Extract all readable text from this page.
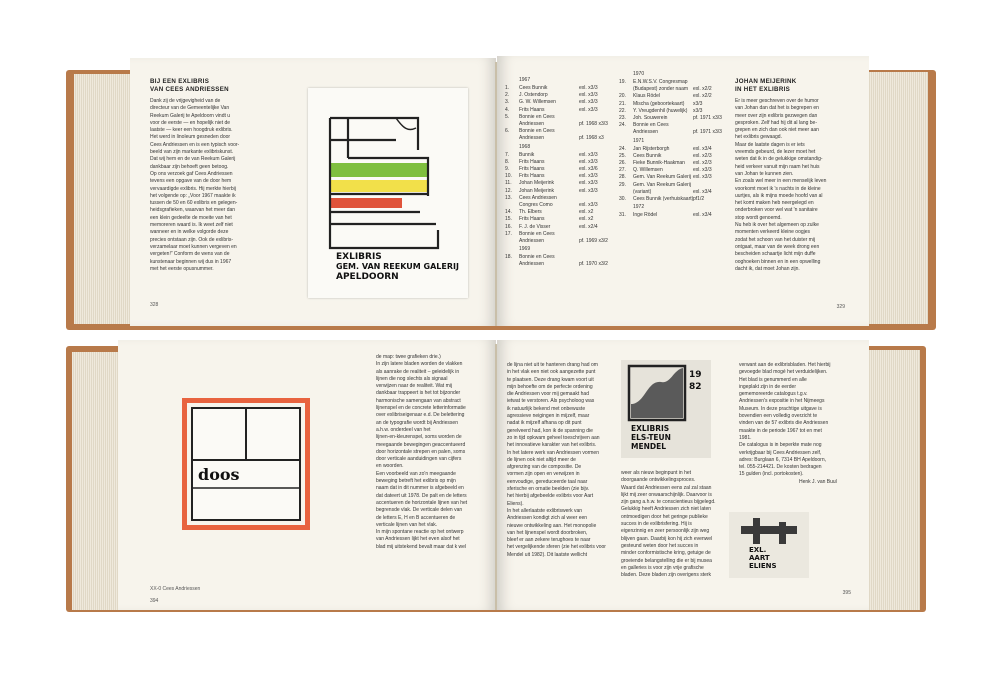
BIJ EEN EXLIBRIS
VAN CEES ANDRIESSEN
Dank zij de vrijgevigheid van de
directeur van de Gemeentelijke Van
Reekum Galerij te Apeldoorn vindt u
voor de eerste — en hopelijk niet de
laatste — keer een hoogdruk exlibris.
Het werd in linoleum gesneden door
Cees Andriessen en is een typisch voor-
beeld van zijn markante exlibriskunst.
Dat wij hem en de van Reekum Galerij
dankbaar zijn behoeft geen betoog.
Op ons verzoek gaf Cees Andriessen
tevens een opgave van de door hem
vervaardigde exlibris. Hij merkte hierbij
het volgende op: „Voor 1967 maakte ik
tussen de 50 en 60 exlibris en gelegen-
heidsgrafieken, waarvan het meer dan
een klein gedeelte de moeite van het
memoreren waard is. Ik weet zelf niet
wanneer en in welke volgorde deze
precies ontstaan zijn. Ook de exlibris-
verzamelaar moet kunnen vergeven en
vergeten!” Conform de wens van de
kunstenaar beginnen wij dus in 1967
met het eerste opusnummer.
EXLIBRIS
GEM. VAN REEKUM GALERIJ
APELDOORN
328
1967
1.	Cees Bunnik	exl. x3/3
2.	J. Ostendorp	exl. x3/3
3.	G. W. Willemsen	exl. x3/3
4.	Frits Haans	exl. x3/3
5.	Bonnie en Cees
Andriessen	pf. 1968 x3/3
6.	Bonnie en Cees
Andriessen	pf. 1968 x3
1968
7.	Bunnik	exl. x3/3
8.	Frits Haans	exl. x3/3
9.	Frits Haans	exl. x3/6
10.	Frits Haans	exl. x3/3
11.	Johan Meijerink	exl. x3/3
12.	Johan Meijerink	exl. x3/3
13.	Cees Andriessen
Congres Como	exl. x3/3
14.	Th. Elbers	exl. x2
15.	Frits Haans	exl. x2
16.	F. J. de Visser	exl. x2/4
17.	Bonnie en Cees
Andriessen	pf. 1969 x3/2
1969
18.	Bonnie en Cees
Andriessen	pf. 1970 x3/2
1970
19.	E.N.W.S.V. Congresmap
(Budapest) zonder naam exl. x2/2
20.	Klaus Rödel	exl. x2/2
21.	Mischa (geboortekaart)	x3/3
22.	Y. Vreugdenhil (huwelijk)	x3/3
23.	Joh. Souwerein	pf. 1971 x3/3
24.	Bonnie en Cees
Andriessen	pf. 1971 x3/3
1971
24.	Jan Rijsterborgh	exl. x3/4
25.	Cees Bunnik	exl. x2/3
26.	Fieke Bunnik-Haakman	exl. x2/3
27.	Q. Willemsen	exl. x3/3
28.	Gem. Van Reekum Galerij exl. x3/3
29.	Gem. Van Reekum Galerij
(variant)	exl. x3/4
30.	Cees Bunnik (verhuiskaart) pf1/2
1972
31.	Inge Rödel	exl. x3/4
JOHAN MEIJERINK
IN HET EXLIBRIS
Er is meer geschreven over de humor
van Johan dan dat het is begrepen en
meer over zijn exlibris gezwegen dan
gesproken. Zelf had hij dit al lang be-
grepen en zich dan ook niet meer aan
het exlibris gewaagd.
Maar de laatste dagen is er iets
vreemds gebeurd, de lezer moet het
weten dat ik in de gelukkige omstandig-
heid verkeer vanuit mijn raam het huis
van Johan te kunnen zien.
En zoals wel meer in een menselijk leven
voorkomt moet ik 's nachts in de kleine
uurtjes, als ik mijns moede hoofd van al
het komt maken heb neergelegd en
onderbroken voor wel wat 'n sanitaire
stop wordt genoemd.
Nu heb ik over het algemeen op zulke
momenten verkeerd kleine oogjes
zodat het schoon van het duister mij
ontgaat, maar van de week drong een
bescheiden schaartje licht mijn duffe
ooghoeken binnen en in een opwelling
dacht ik, dat moet Johan zijn.
329
doos
XX-0 Cees Andriessen
394
de map: twee grafieken drie.)
In zijn latere bladen worden de vlakken
als aanrake de realiteit – geleidelijk in
lijnen die nog slechts als signaal
verwijzen naar de realiteit. Wat mij
dankbaar trappeert is het tot bijzonder
harmonische samengaan van abstract
lijnenspel en de concrete letterinformatie
over exlibriseigenaar e.d. De belettering
an de typografie wordt bij Andriessen
a.h.w. onderdeel van het
lijnen-en-kleurenspel, soms worden de
meegaande bewegingen geaccentueerd
door horizontale strepen en palen, soms
door verticale aanduidingen van cijfers
en woorden.
Een voorbeeld van zo'n meegaande
beweging betreft het exlibris op mijn
naam dat in dit nummer is afgebeeld en
dat dateert uit 1978. De palt en de letters
accentueren de horizontale lijnen van het
begrensde vlak. De verticale delen van
de letters E, H en B accentueren de
verticale lijnen van het vlak.
In mijn spontane reactie op het ontwerp
van Andriessen lijkt het even alsof het
blad mij uitstekend bevalt maar dat k wel
de lijna niet uit te hanteren drang had om
in het vlak een niet ook aangezette punt
te plaatsen. Deze drang kwam voort uit
mijn behoefte om de perfecte ordening
die Andriessen voor mij gemaakt had
ietwat te verstoren. Als psycholoog was
ik natuurlijk bekend met onbewuste
agressieve neigingen in mijzelf, maar
nadat ik mijzelf afhana op dit punt
gerelveerd had, kon ik de spanning die
zo in tijd opkwam geheel toeschrijven aan
het innovatieve karakter van het exlibris.
In het latere werk van Andriessen vormen
de lijnen ook niet altijd meer de
afgrenzing van de compositie. De
vormen zijn open en verwijzen in
eenvoudige, gereduceerde taal naar
sferische en ornatie beelden (zie bijv.
het hierbij afgebeelde exlibris voor Aart
Eliens).
In het allerlaatste exlibriswerk van
Andriessen kondigt zich al weer een
nieuwe ontwikkeling aan. Het monopolie
van het lijnenspel wordt doorbroken,
bleef er aan zekere terughoes te naar
het vergelijkende sferen (zie het exlibris voor
Mendel uit 1982). Dit laatste wellicht
19
82
EXLIBRIS
ELS-TEUN
MENDEL
weer als nieuw beginpunt in het
doorgaande ontwikkelingsproces.
Waard dat Andriessen eens zal zal staan
lijkt mij zeer onwaarschijnlijk. Daarvoor is
zijn gang a.h.w. te conscientieus bijgelegd.
Gelukkig heeft Andriessen zich niet laten
ontmoedigen door het geringe publieke
succes in de exlibrisfering. Hij is
eigenzinnig en zeer persoonlijk zijn weg
blijven gaan. Daarbij kon hij zich evenwel
gesteund weten door het succes in
minder conformistische kring, getuige de
groeiende belangstelling die er bij musea
en galleries is voor zijn vrije grafische
bladen. Deze bladen zijn overigens sterk
verwant aan de exlibrisbladen. Het hierbij
gevoegde blad mogé het verduidelijken.
Het blad is genummerd en alle
ingeplakt zijn in de eerder
gememoreerde catalogus t.g.v.
Andriessen's expositie in het Nijmeegs
Museum. In deze prachtige uitgave is
bovendien een volledig overzicht te
vinden van de 57 exlibris die Andriessen
maakte in de periode 1967 tot en met
1981.
De catalogus is in beperkte mate nog
verkrijgbaar bij Cees Andriessen zelf,
adres: Burglaan 6, 7314 BH Apeldoorn,
tel. 055-214421. De kosten bedragen
15 gulden (incl. portokosten).
Henk J. van Buul
EXL.
AART
ELIENS
395
